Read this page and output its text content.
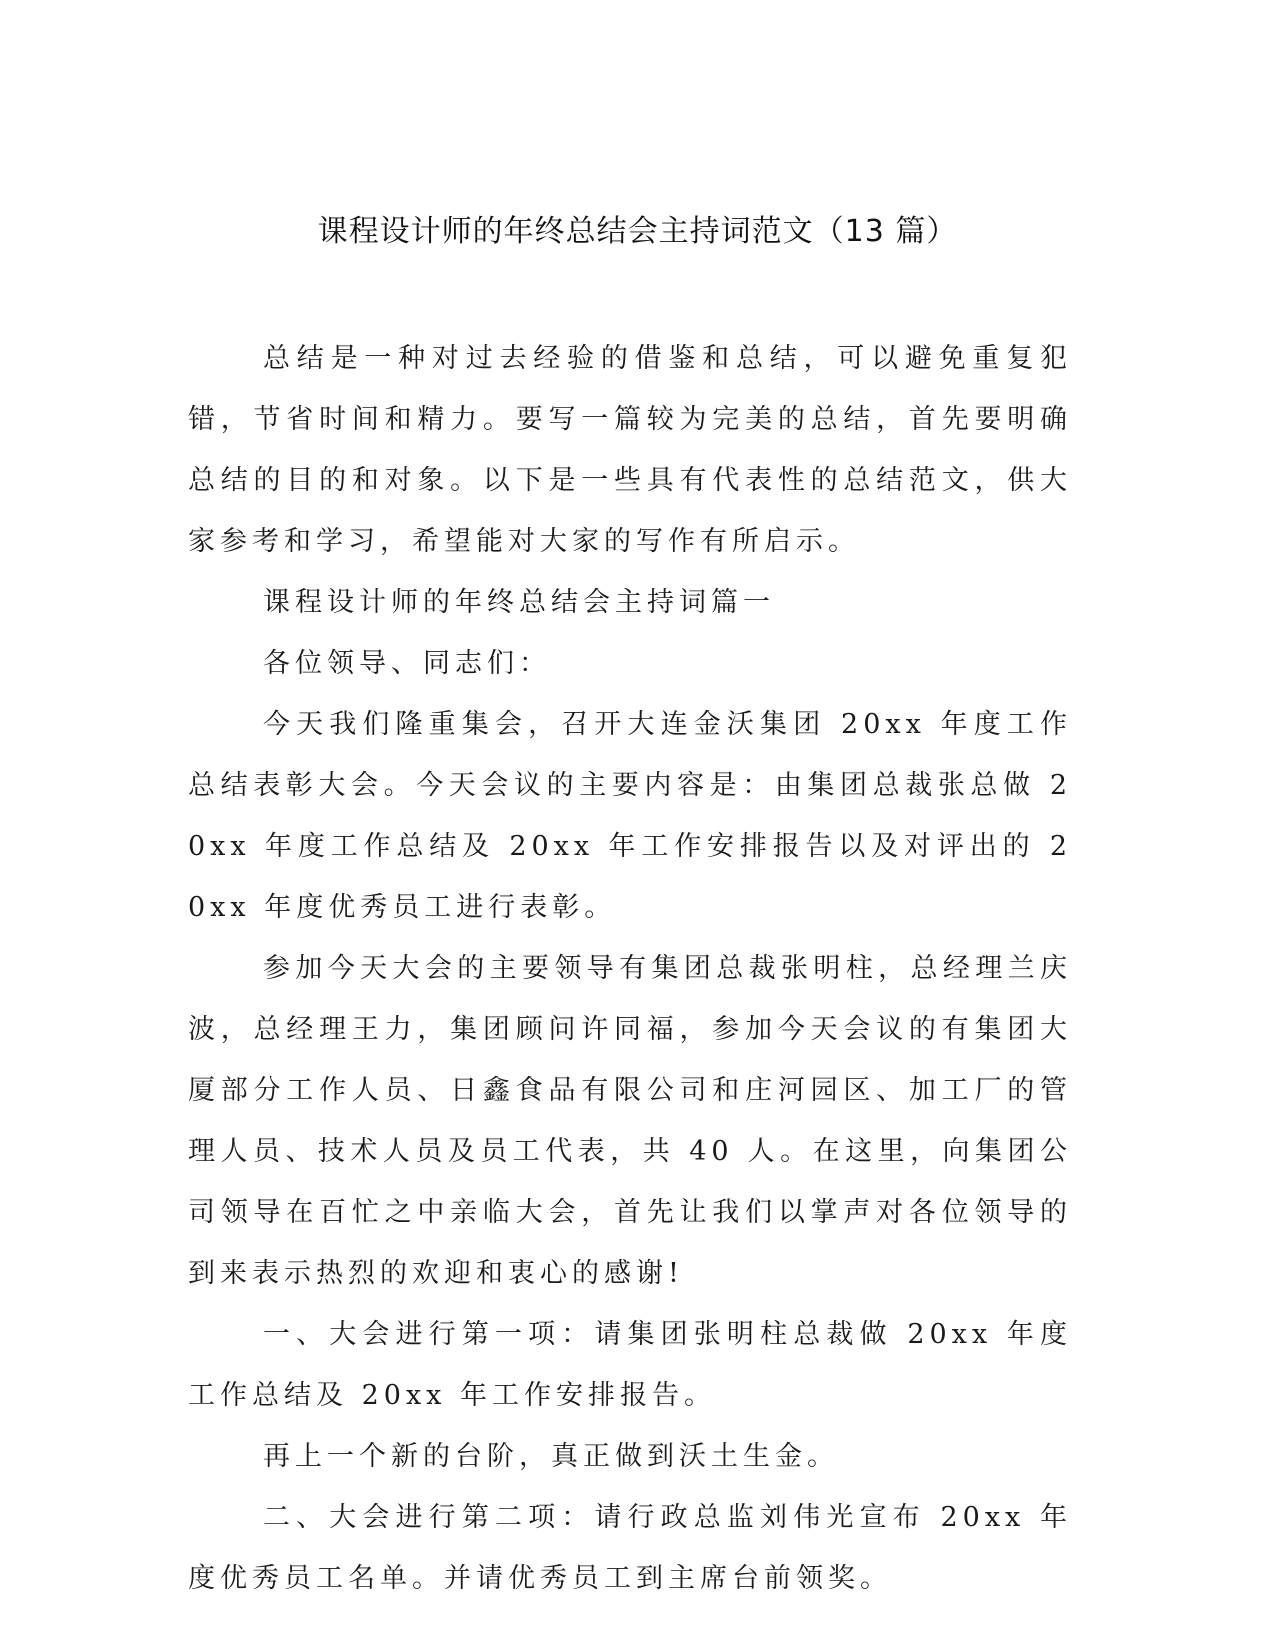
课程设计师的年终总结会主持词范文（13 篇）

总结是一种对过去经验的借鉴和总结，可以避免重复犯错，节省时间和精力。要写一篇较为完美的总结，首先要明确总结的目的和对象。以下是一些具有代表性的总结范文，供大家参考和学习，希望能对大家的写作有所启示。

课程设计师的年终总结会主持词篇一

各位领导、同志们：

今天我们隆重集会，召开大连金沃集团 20xx 年度工作总结表彰大会。今天会议的主要内容是：由集团总裁张总做 20xx 年度工作总结及 20xx 年工作安排报告以及对评出的 20xx 年度优秀员工进行表彰。

参加今天大会的主要领导有集团总裁张明柱，总经理兰庆波，总经理王力，集团顾问许同福，参加今天会议的有集团大厦部分工作人员、日鑫食品有限公司和庄河园区、加工厂的管理人员、技术人员及员工代表，共 40 人。在这里，向集团公司领导在百忙之中亲临大会，首先让我们以掌声对各位领导的到来表示热烈的欢迎和衷心的感谢!

一、大会进行第一项：请集团张明柱总裁做 20xx 年度工作总结及 20xx 年工作安排报告。

再上一个新的台阶，真正做到沃土生金。

二、大会进行第二项：请行政总监刘伟光宣布 20xx 年度优秀员工名单。并请优秀员工到主席台前领奖。
